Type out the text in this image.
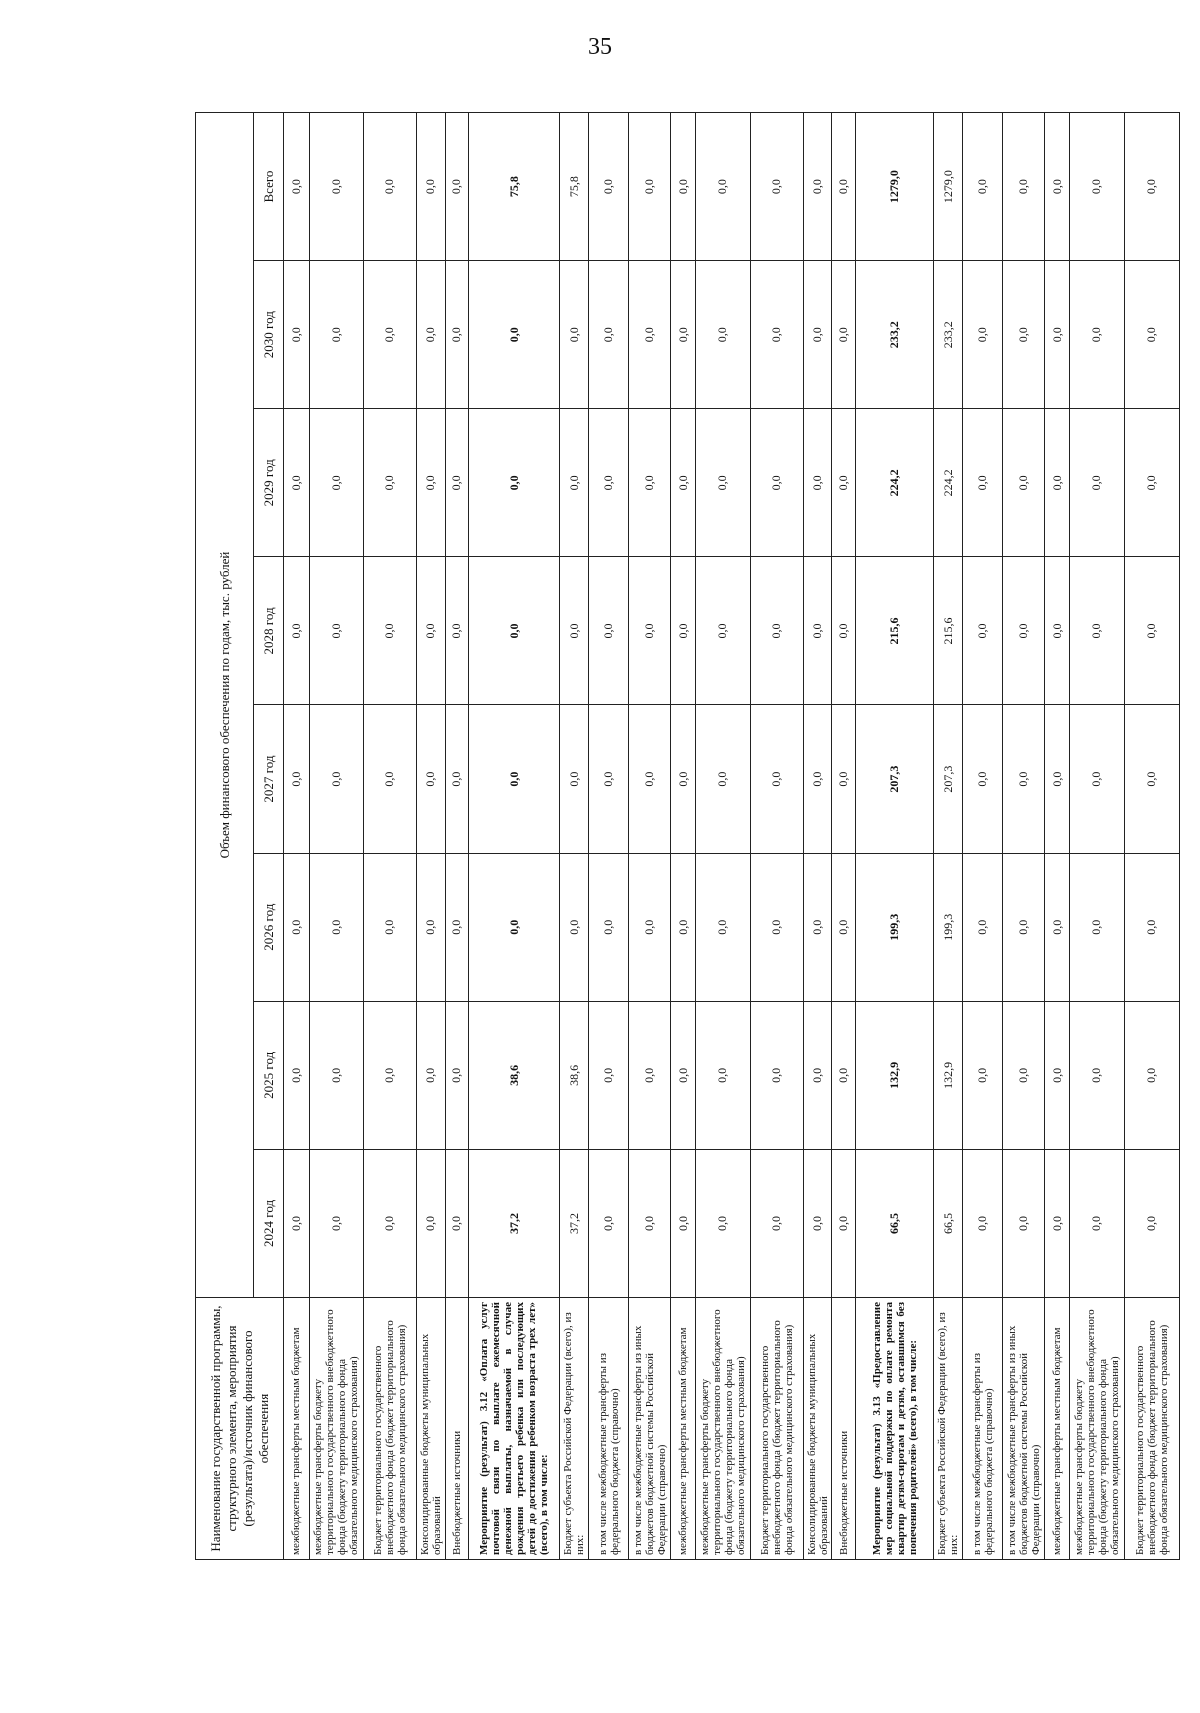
35
Наименование государственной программы, структурного элемента, мероприятия (результата)/источник финансового обеспечения	Объем финансового обеспечения по годам, тыс. рублей							
	2024 год	2025 год	2026 год	2027 год	2028 год	2029 год	2030 год	Всего
межбюджетные трансферты местным бюджетам	0,0	0,0	0,0	0,0	0,0	0,0	0,0	0,0
межбюджетные трансферты бюджету территориального государственного внебюджетного фонда (бюджету территориального фонда обязательного медицинского страхования)	0,0	0,0	0,0	0,0	0,0	0,0	0,0	0,0
Бюджет территориального государственного внебюджетного фонда (бюджет территориального фонда обязательного медицинского страхования)	0,0	0,0	0,0	0,0	0,0	0,0	0,0	0,0
Консолидированные бюджеты муниципальных образований	0,0	0,0	0,0	0,0	0,0	0,0	0,0	0,0
Внебюджетные источники	0,0	0,0	0,0	0,0	0,0	0,0	0,0	0,0
Мероприятие (результат) 3.12 «Оплата услуг почтовой связи по выплате ежемесячной денежной выплаты, назначаемой в случае рождения третьего ребенка или последующих детей до достижения ребенком возраста трех лет» (всего), в том числе:	37,2	38,6	0,0	0,0	0,0	0,0	0,0	75,8
Бюджет субъекта Российской Федерации (всего), из них:	37,2	38,6	0,0	0,0	0,0	0,0	0,0	75,8
в том числе межбюджетные трансферты из федерального бюджета (справочно)	0,0	0,0	0,0	0,0	0,0	0,0	0,0	0,0
в том числе межбюджетные трансферты из иных бюджетов бюджетной системы Российской Федерации (справочно)	0,0	0,0	0,0	0,0	0,0	0,0	0,0	0,0
межбюджетные трансферты местным бюджетам	0,0	0,0	0,0	0,0	0,0	0,0	0,0	0,0
межбюджетные трансферты бюджету территориального государственного внебюджетного фонда (бюджету территориального фонда обязательного медицинского страхования)	0,0	0,0	0,0	0,0	0,0	0,0	0,0	0,0
Бюджет территориального государственного внебюджетного фонда (бюджет территориального фонда обязательного медицинского страхования)	0,0	0,0	0,0	0,0	0,0	0,0	0,0	0,0
Консолидированные бюджеты муниципальных образований	0,0	0,0	0,0	0,0	0,0	0,0	0,0	0,0
Внебюджетные источники	0,0	0,0	0,0	0,0	0,0	0,0	0,0	0,0
Мероприятие (результат) 3.13 «Предоставление мер социальной поддержки по оплате ремонта квартир детям-сиротам и детям, оставшимся без попечения родителей» (всего), в том числе:	66,5	132,9	199,3	207,3	215,6	224,2	233,2	1279,0
Бюджет субъекта Российской Федерации (всего), из них:	66,5	132,9	199,3	207,3	215,6	224,2	233,2	1279,0
в том числе межбюджетные трансферты из федерального бюджета (справочно)	0,0	0,0	0,0	0,0	0,0	0,0	0,0	0,0
в том числе межбюджетные трансферты из иных бюджетов бюджетной системы Российской Федерации (справочно)	0,0	0,0	0,0	0,0	0,0	0,0	0,0	0,0
межбюджетные трансферты местным бюджетам	0,0	0,0	0,0	0,0	0,0	0,0	0,0	0,0
межбюджетные трансферты бюджету территориального государственного внебюджетного фонда (бюджету территориального фонда обязательного медицинского страхования)	0,0	0,0	0,0	0,0	0,0	0,0	0,0	0,0
Бюджет территориального государственного внебюджетного фонда (бюджет территориального фонда обязательного медицинского страхования)	0,0	0,0	0,0	0,0	0,0	0,0	0,0	0,0
